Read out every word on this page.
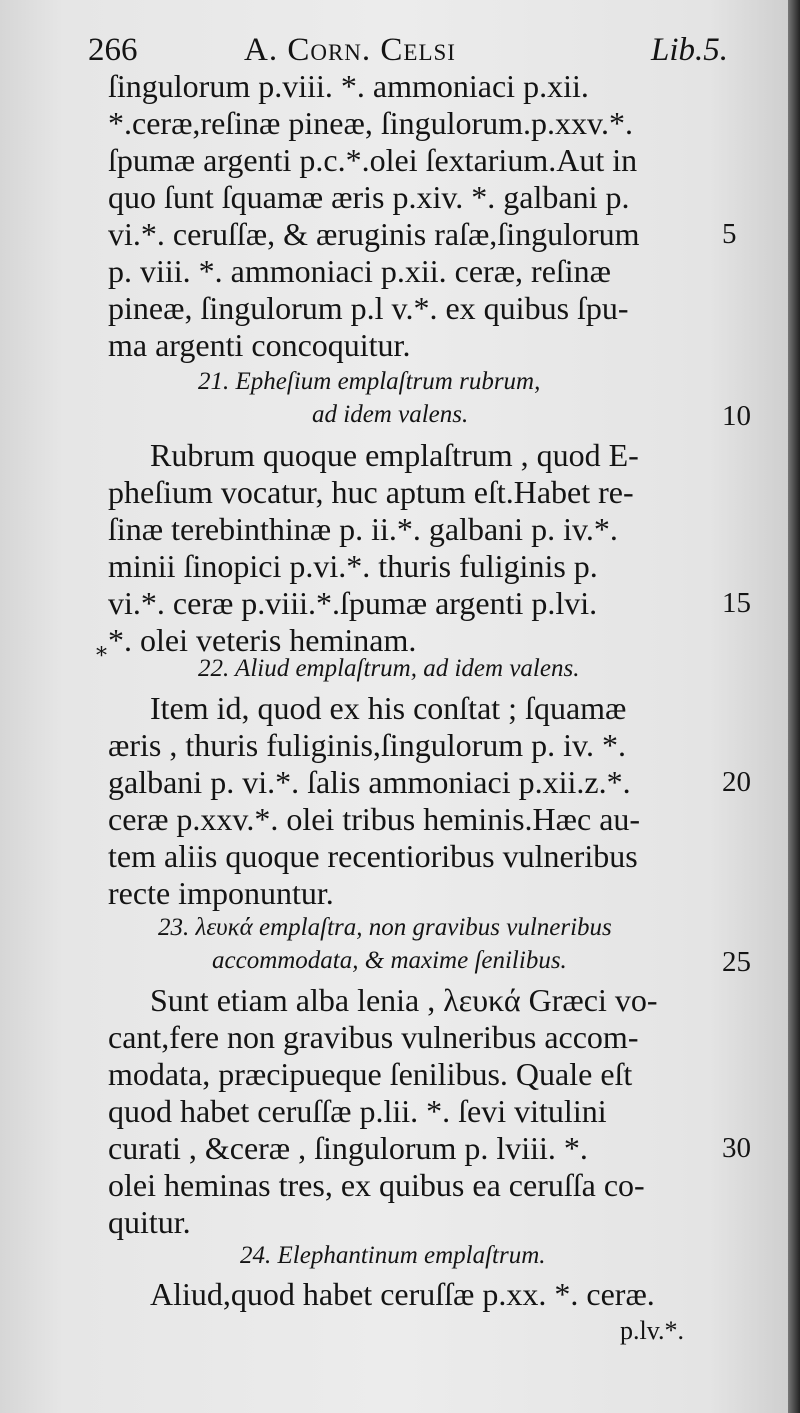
266	A. Corn. Celsi	Lib.5.
ſingulorum p.viii. *. ammoniaci p.xii.
*.ceræ,reſinæ pineæ, ſingulorum.p.xxv.*.
ſpumæ argenti p.c.*.olei ſextarium.Aut in
quo ſunt ſquamæ æris p.xiv. *. galbani p.
vi.*. ceruſſæ, & æruginis raſæ,ſingulorum
p. viii. *. ammoniaci p.xii. ceræ, reſinæ
pineæ, ſingulorum p.l v.*. ex quibus ſpu-
ma argenti concoquitur.
21. Epheſium emplaſtrum rubrum,
ad idem valens.
Rubrum quoque emplaſtrum , quod E-
pheſium vocatur, huc aptum eſt.Habet re-
ſinæ terebinthinæ p. ii.*. galbani p. iv.*.
minii ſinopici p.vi.*. thuris fuliginis p.
vi.*. ceræ p.viii.*.ſpumæ argenti p.lvi.
*. olei veteris heminam.
*	22. Aliud emplaſtrum, ad idem valens.
Item id, quod ex his conſtat ; ſquamæ
æris , thuris fuliginis,ſingulorum p. iv. *.
galbani p. vi.*. ſalis ammoniaci p.xii.z.*.
ceræ p.xxv.*. olei tribus heminis.Hæc au-
tem aliis quoque recentioribus vulneribus
recte imponuntur.
23. λευκά emplaſtra, non gravibus vulneribus
accommodata, & maxime ſenilibus.
Sunt etiam alba lenia , λευκά Græci vo-
cant,fere non gravibus vulneribus accom-
modata, præcipueque ſenilibus. Quale eſt
quod habet ceruſſæ p.lii. *. ſevi vitulini
curati , &ceræ , ſingulorum p. lviii. *.
olei heminas tres, ex quibus ea ceruſſa co-
quitur.
24. Elephantinum emplaſtrum.
Aliud,quod habet ceruſſæ p.xx. *. ceræ.
p.lv.*.
5
10
15
20
25
30
